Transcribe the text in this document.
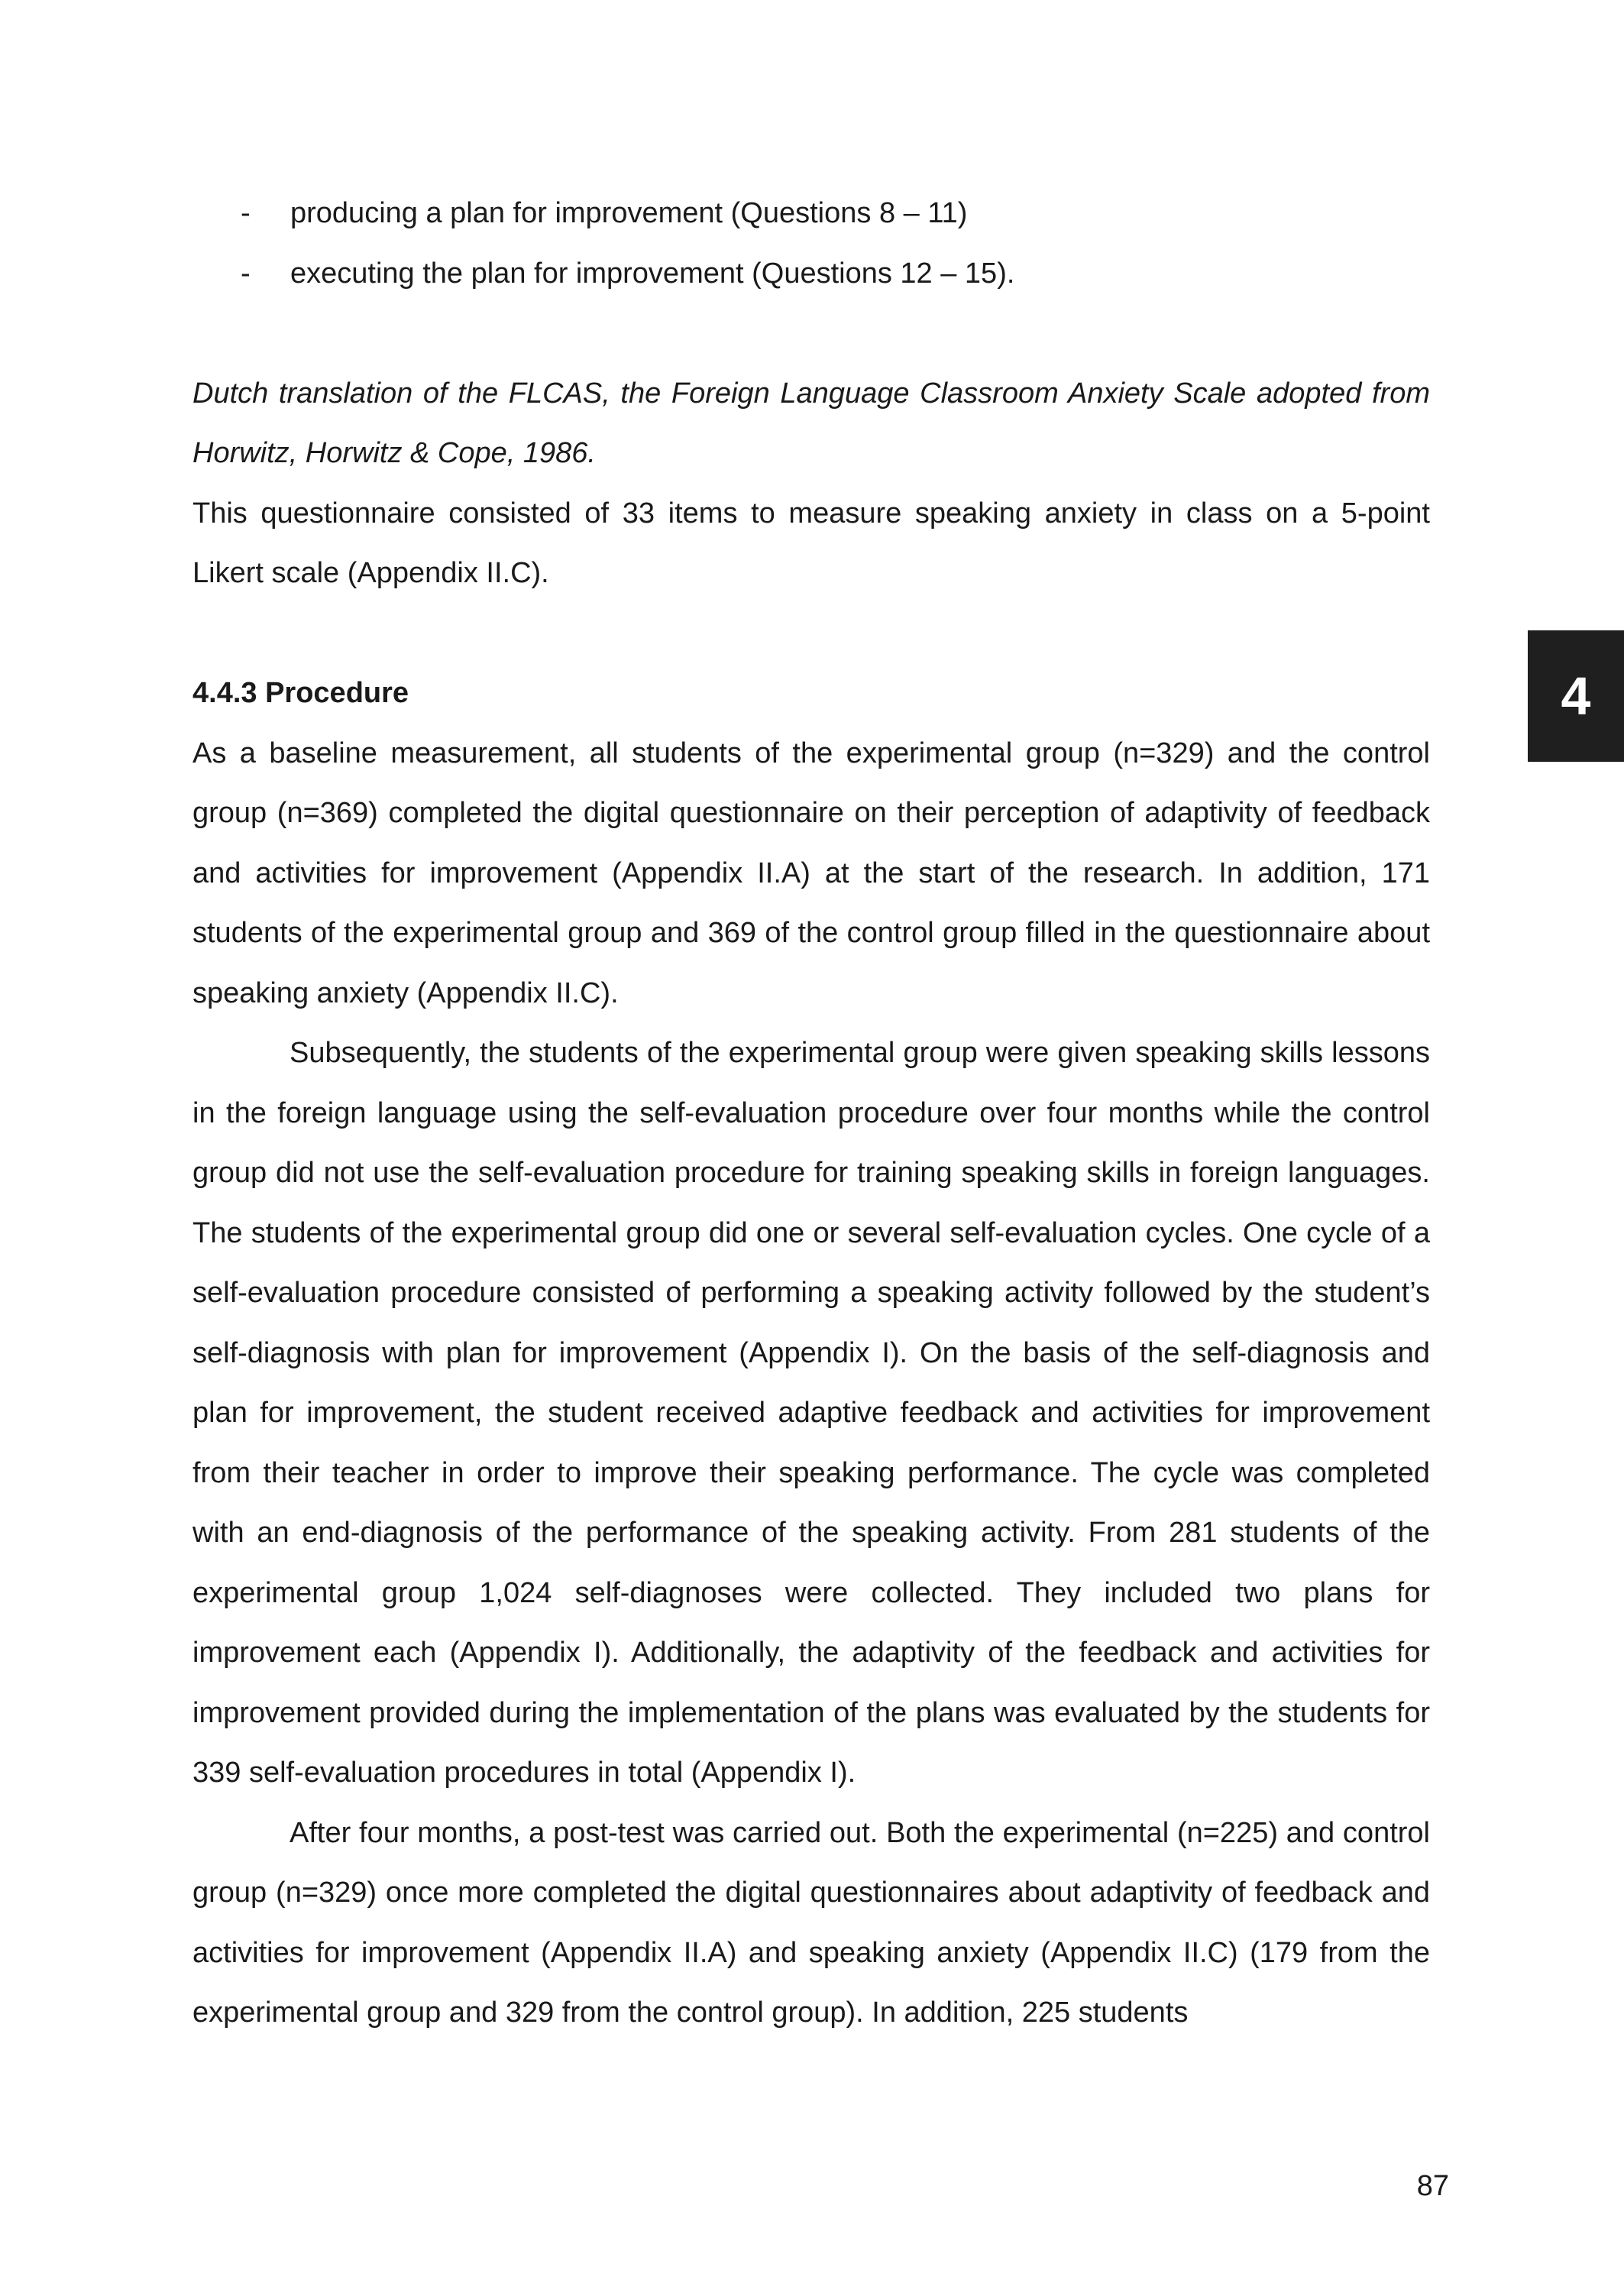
- producing a plan for improvement (Questions 8 – 11)
- executing the plan for improvement (Questions 12 – 15).

Dutch translation of the FLCAS, the Foreign Language Classroom Anxiety Scale adopted from Horwitz, Horwitz & Cope, 1986.

This questionnaire consisted of 33 items to measure speaking anxiety in class on a 5-point Likert scale (Appendix II.C).

4.4.3 Procedure

As a baseline measurement, all students of the experimental group (n=329) and the control group (n=369) completed the digital questionnaire on their perception of adaptivity of feedback and activities for improvement (Appendix II.A) at the start of the research. In addition, 171 students of the experimental group and 369 of the control group filled in the questionnaire about speaking anxiety (Appendix II.C).

Subsequently, the students of the experimental group were given speaking skills lessons in the foreign language using the self-evaluation procedure over four months while the control group did not use the self-evaluation procedure for training speaking skills in foreign languages. The students of the experimental group did one or several self-evaluation cycles. One cycle of a self-evaluation procedure consisted of performing a speaking activity followed by the student’s self-diagnosis with plan for improvement (Appendix I). On the basis of the self-diagnosis and plan for improvement, the student received adaptive feedback and activities for improvement from their teacher in order to improve their speaking performance. The cycle was completed with an end-diagnosis of the performance of the speaking activity. From 281 students of the experimental group 1,024 self-diagnoses were collected. They included two plans for improvement each (Appendix I). Additionally, the adaptivity of the feedback and activities for improvement provided during the implementation of the plans was evaluated by the students for 339 self-evaluation procedures in total (Appendix I).

After four months, a post-test was carried out. Both the experimental (n=225) and control group (n=329) once more completed the digital questionnaires about adaptivity of feedback and activities for improvement (Appendix II.A) and speaking anxiety (Appendix II.C) (179 from the experimental group and 329 from the control group). In addition, 225 students

4
87
